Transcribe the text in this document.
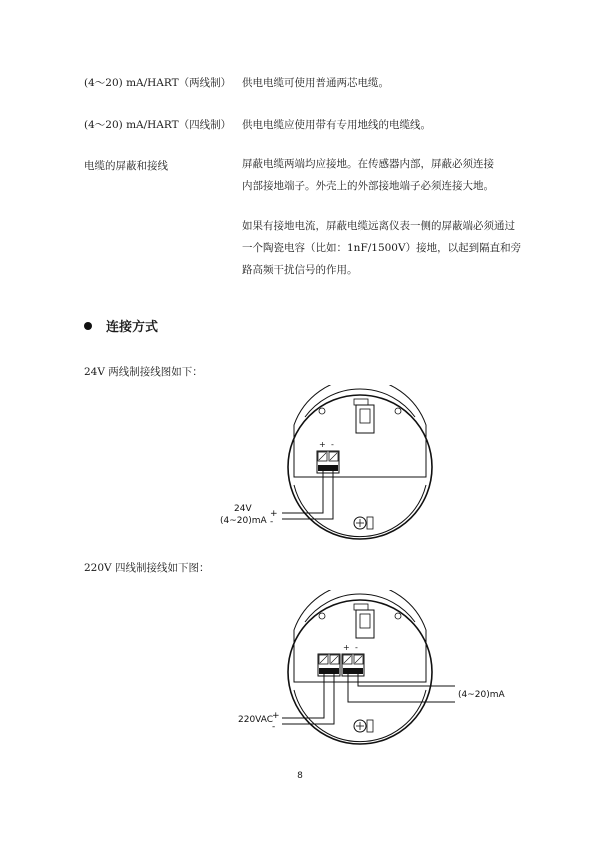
(4～20) mA/HART（两线制） 供电电缆可使用普通两芯电缆。
(4～20) mA/HART（四线制） 供电电缆应使用带有专用地线的电缆线。
电缆的屏蔽和接线	屏蔽电缆两端均应接地。在传感器内部，屏蔽必须连接
内部接地端子。外壳上的外部接地端子必须连接大地。
如果有接地电流，屏蔽电缆远离仪表一侧的屏蔽端必须通过
一个陶瓷电容（比如：1nF/1500V）接地，以起到隔直和旁
路高频干扰信号的作用。
连接方式
24V 两线制接线图如下：
+ -
24V
(4~20)mA
+
-
220V 四线制接线如下图：
+ -
(4~20)mA
220VAC
+
-
8
